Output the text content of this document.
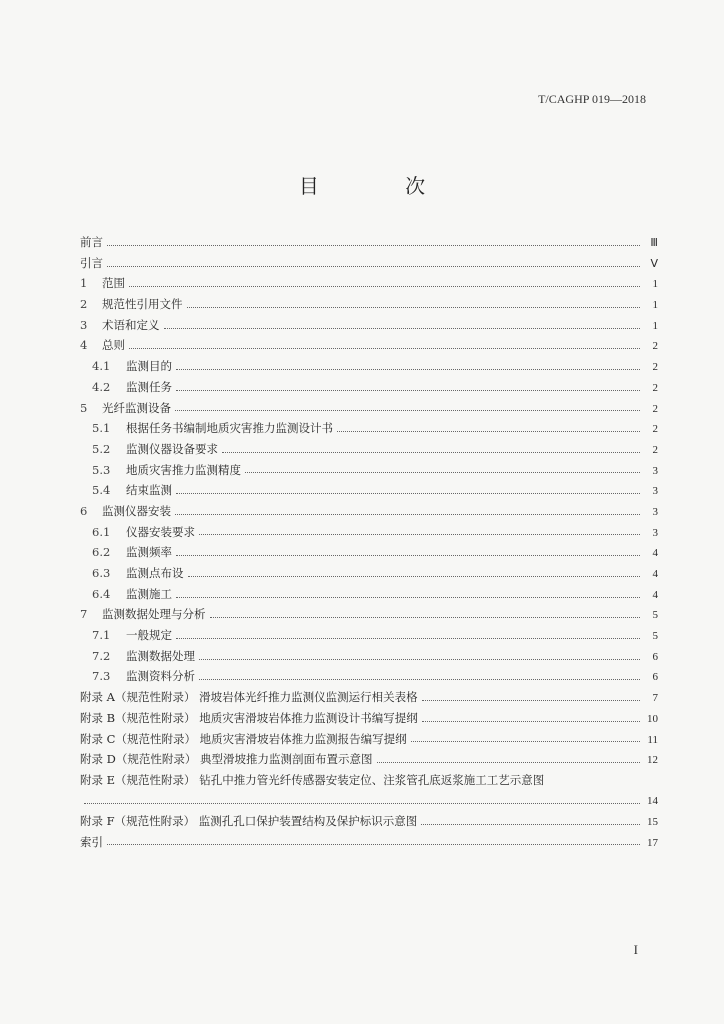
T/CAGHP 019—2018
目 次
前言	Ⅲ
引言	Ⅴ
1	范围	1
2	规范性引用文件	1
3	术语和定义	1
4	总则	2
4.1	监测目的	2
4.2	监测任务	2
5	光纤监测设备	2
5.1	根据任务书编制地质灾害推力监测设计书	2
5.2	监测仪器设备要求	2
5.3	地质灾害推力监测精度	3
5.4	结束监测	3
6	监测仪器安装	3
6.1	仪器安装要求	3
6.2	监测频率	4
6.3	监测点布设	4
6.4	监测施工	4
7	监测数据处理与分析	5
7.1	一般规定	5
7.2	监测数据处理	6
7.3	监测资料分析	6
附录 A（规范性附录） 滑坡岩体光纤推力监测仪监测运行相关表格	7
附录 B（规范性附录） 地质灾害滑坡岩体推力监测设计书编写提纲	10
附录 C（规范性附录） 地质灾害滑坡岩体推力监测报告编写提纲	11
附录 D（规范性附录） 典型滑坡推力监测剖面布置示意图	12
附录 E（规范性附录） 钻孔中推力管光纤传感器安装定位、注浆管孔底返浆施工工艺示意图
14
附录 F（规范性附录） 监测孔孔口保护装置结构及保护标识示意图	15
索引	17
I
